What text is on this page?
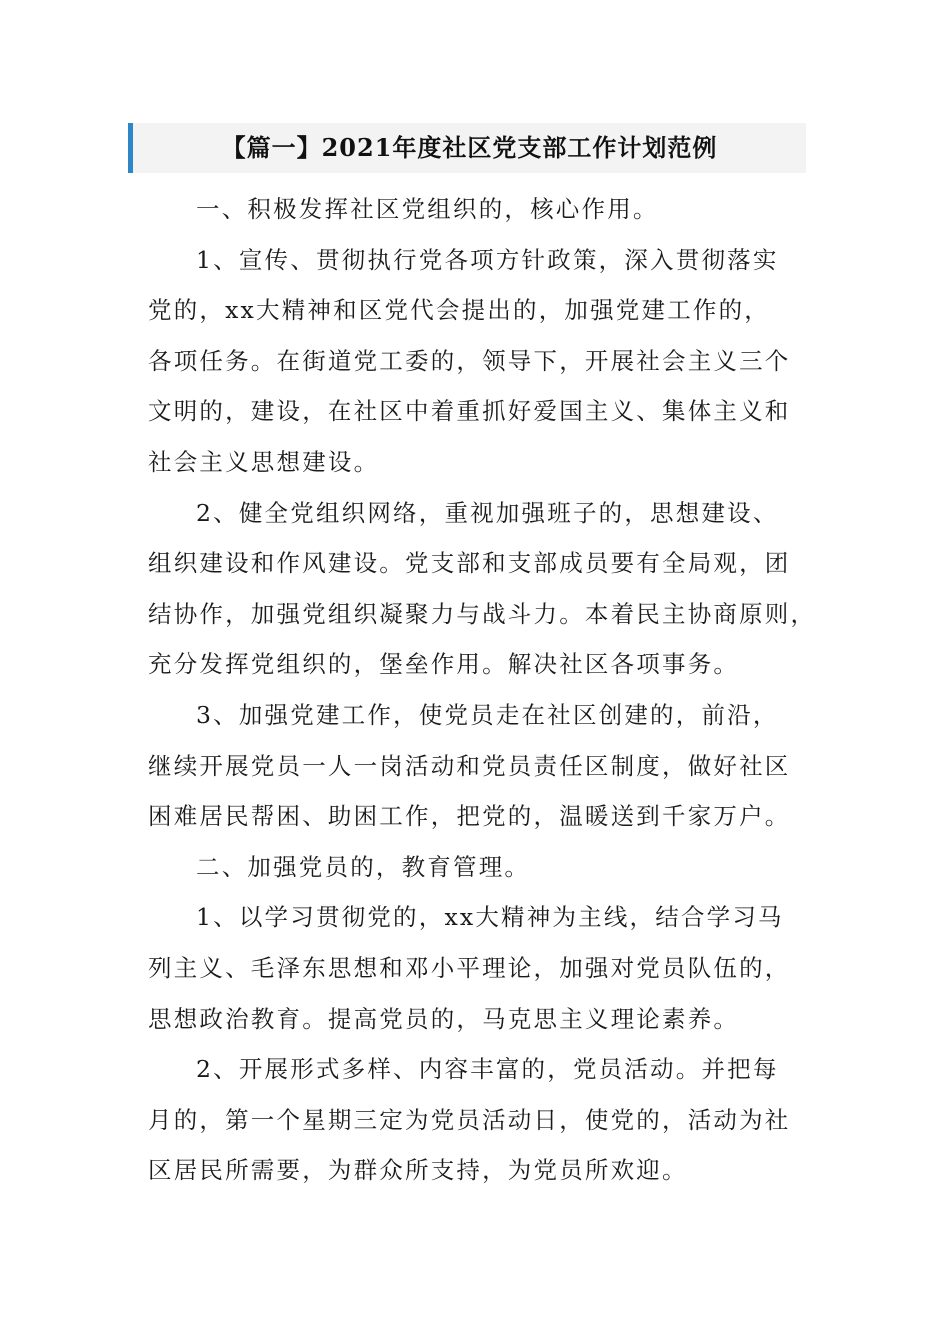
【篇一】2021年度社区党支部工作计划范例

一、积极发挥社区党组织的，核心作用。

1、宣传、贯彻执行党各项方针政策，深入贯彻落实
党的，xx大精神和区党代会提出的，加强党建工作的，
各项任务。在街道党工委的，领导下，开展社会主义三个
文明的，建设，在社区中着重抓好爱国主义、集体主义和
社会主义思想建设。

2、健全党组织网络，重视加强班子的，思想建设、
组织建设和作风建设。党支部和支部成员要有全局观，团
结协作，加强党组织凝聚力与战斗力。本着民主协商原则，
充分发挥党组织的，堡垒作用。解决社区各项事务。

3、加强党建工作，使党员走在社区创建的，前沿，
继续开展党员一人一岗活动和党员责任区制度，做好社区
困难居民帮困、助困工作，把党的，温暖送到千家万户。

二、加强党员的，教育管理。

1、以学习贯彻党的，xx大精神为主线，结合学习马
列主义、毛泽东思想和邓小平理论，加强对党员队伍的，
思想政治教育。提高党员的，马克思主义理论素养。

2、开展形式多样、内容丰富的，党员活动。并把每
月的，第一个星期三定为党员活动日，使党的，活动为社
区居民所需要，为群众所支持，为党员所欢迎。
